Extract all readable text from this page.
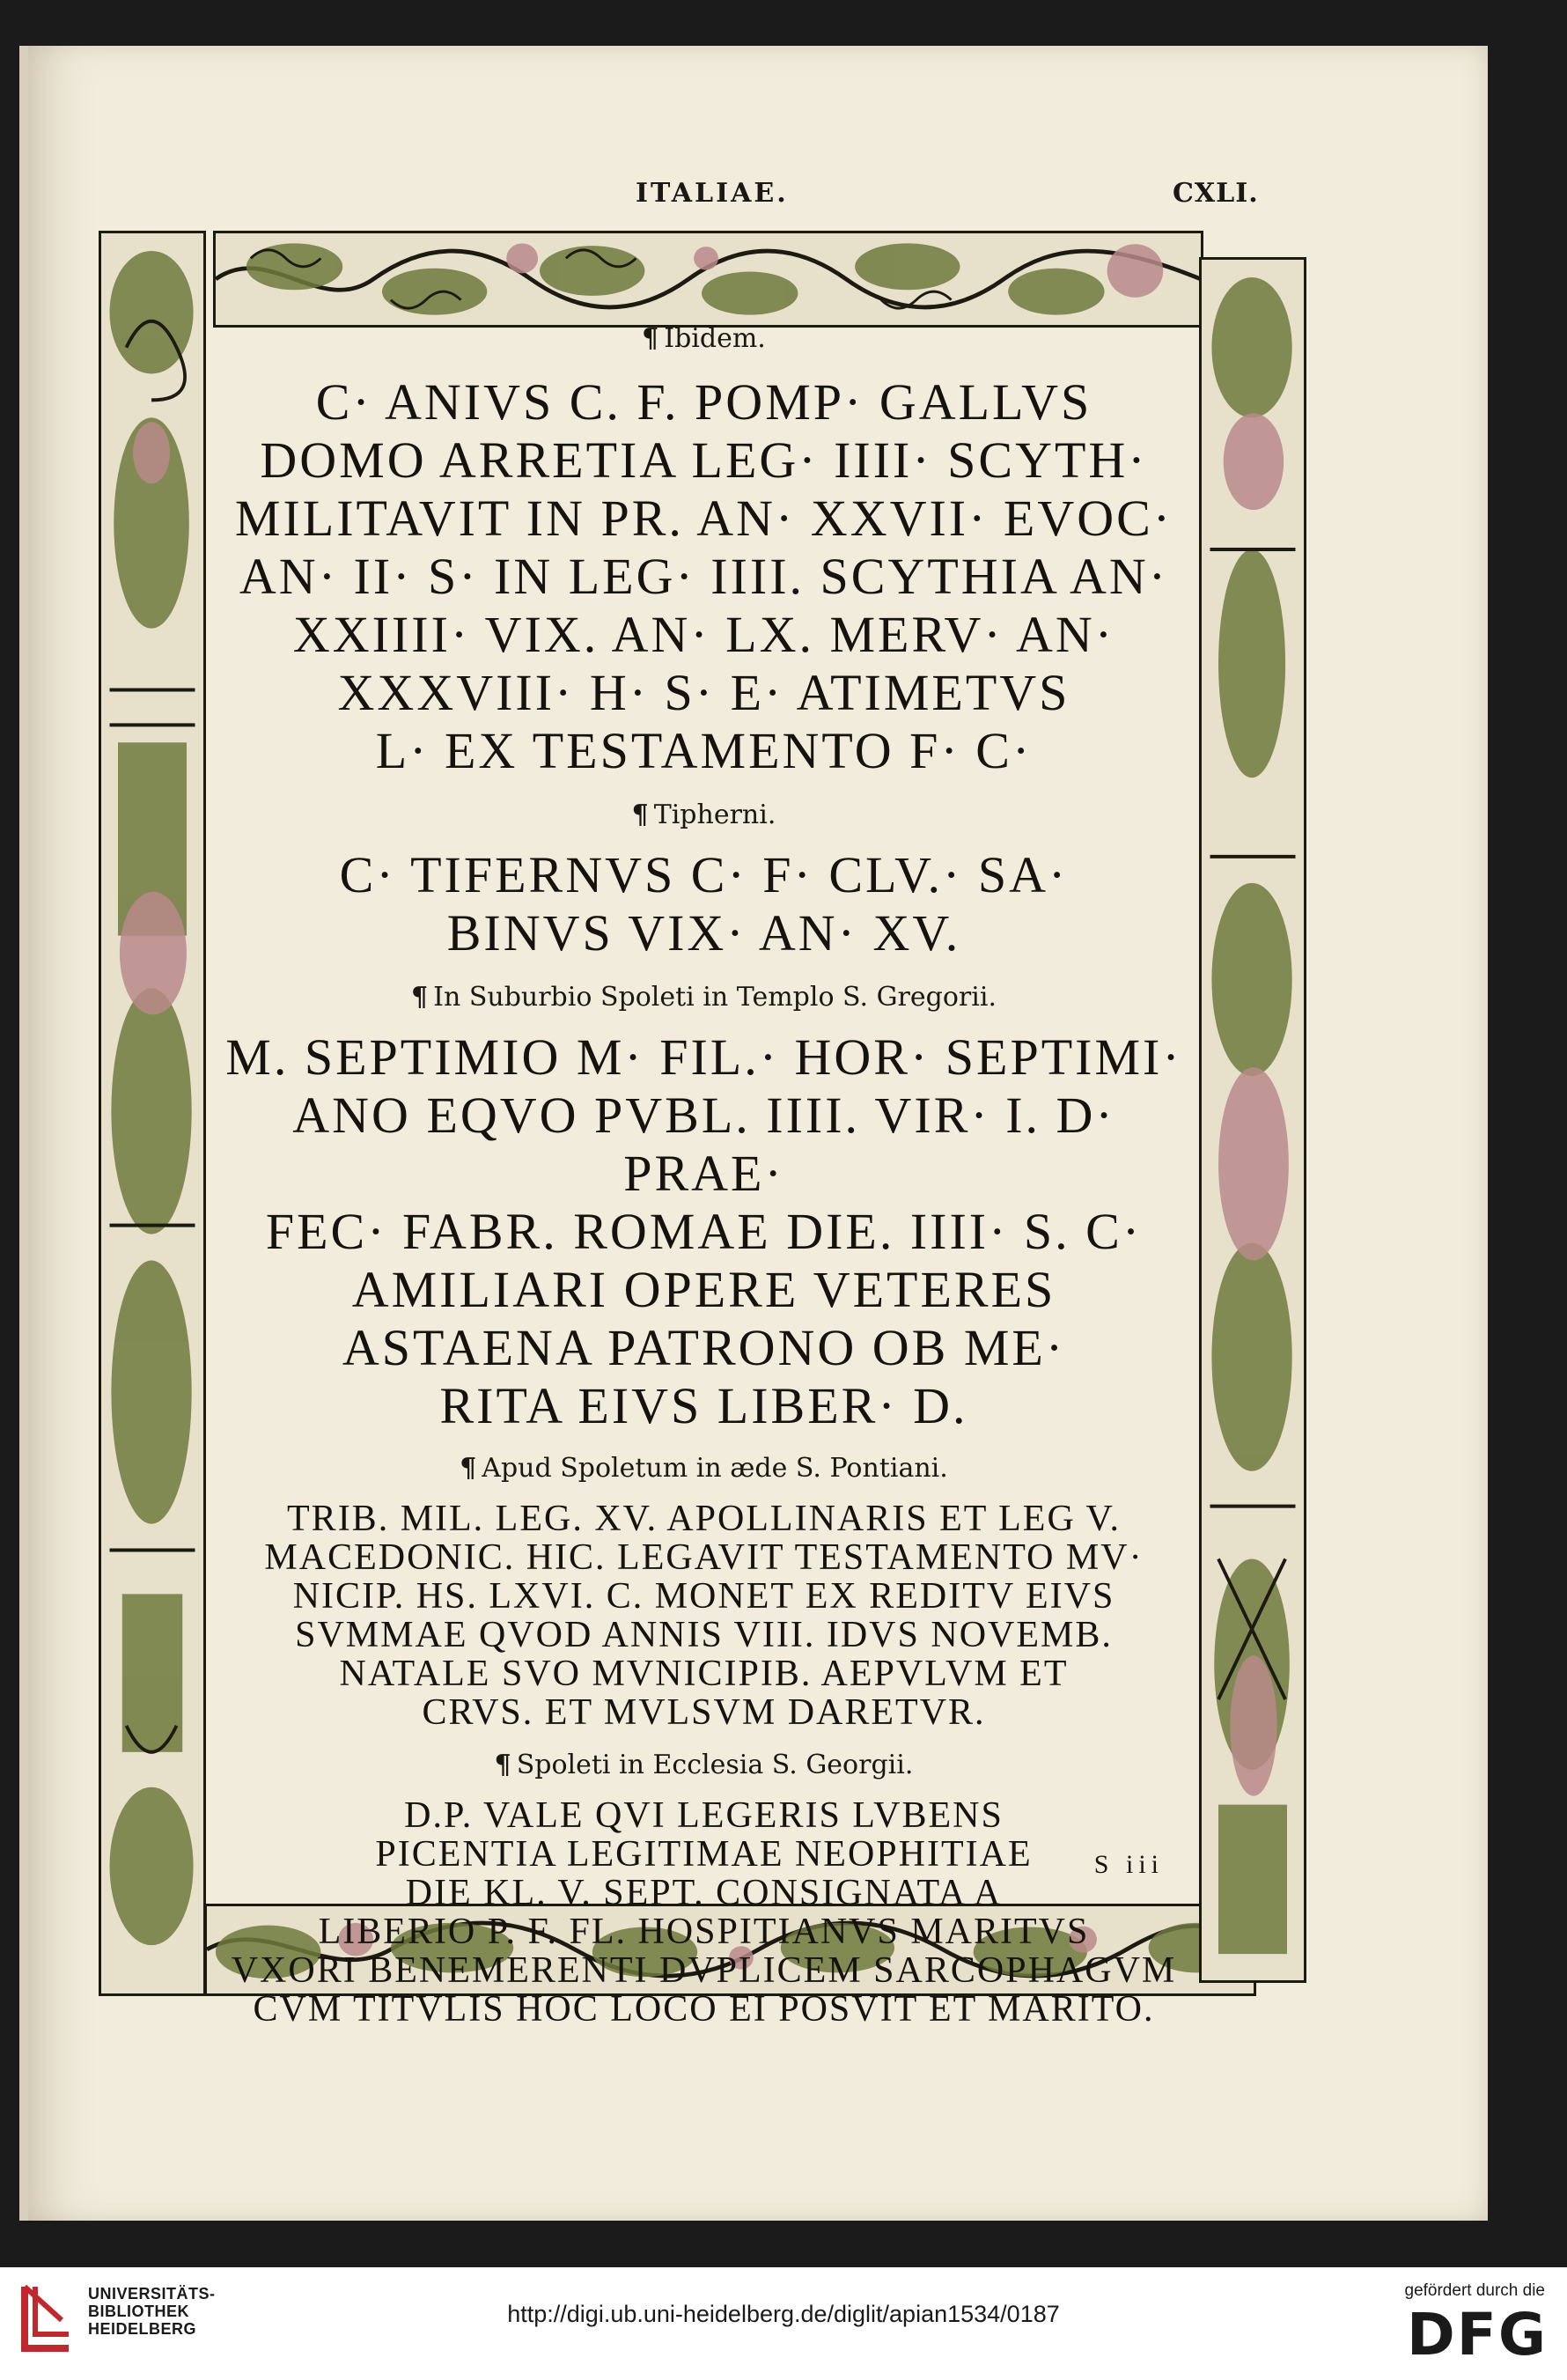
ITALIAE.	CXLI.

¶ Ibidem.

C· ANIVS C. F. POMP· GALLVS
DOMO ARRETIA LEG· IIII· SCYTH·
MILITAVIT IN PR. AN· XXVII· EVOC·
AN· II· S· IN LEG· IIII. SCYTHIA AN·
XXIIII· VIX. AN· LX. MERV· AN·
XXXVIII· H· S· E· ATIMETVS
L· EX TESTAMENTO F· C·

¶ Tipherni.

C· TIFERNVS C· F· CLV.· SA·
BINVS VIX· AN· XV.

¶ In Suburbio Spoleti in Templo S. Gregorii.

M. SEPTIMIO M· FIL.· HOR· SEPTIMI·
ANO EQVO PVBL. IIII. VIR· I. D· PRAE·
FEC· FABR. ROMAE DIE. IIII· S. C·
AMILIARI OPERE VETERES
ASTAENA PATRONO OB ME·
RITA EIVS LIBER· D.

¶ Apud Spoletum in æde S. Pontiani.

TRIB. MIL. LEG. XV. APOLLINARIS ET LEG V.
MACEDONIC. HIC. LEGAVIT TESTAMENTO MV·
NICIP. HS. LXVI. C. MONET EX REDITV EIVS
SVMMAE QVOD ANNIS VIII. IDVS NOVEMB.
NATALE SVO MVNICIPIB. AEPVLVM ET
CRVS. ET MVLSVM DARETVR.

¶ Spoleti in Ecclesia S. Georgii.

D.P. VALE QVI LEGERIS LVBENS
PICENTIA LEGITIMAE NEOPHITIAE
DIE KL. V. SEPT. CONSIGNATA A
LIBERIO P. F. FL. HOSPITIANVS MARITVS
VXORI BENEMERENTI DVPLICEM SARCOPHAGVM
CVM TITVLIS HOC LOCO EI POSVIT ET MARITO.
S iii
UNIVERSITÄTS-
BIBLIOTHEK
HEIDELBERG
http://digi.ub.uni-heidelberg.de/diglit/apian1534/0187
gefördert durch die
DFG
